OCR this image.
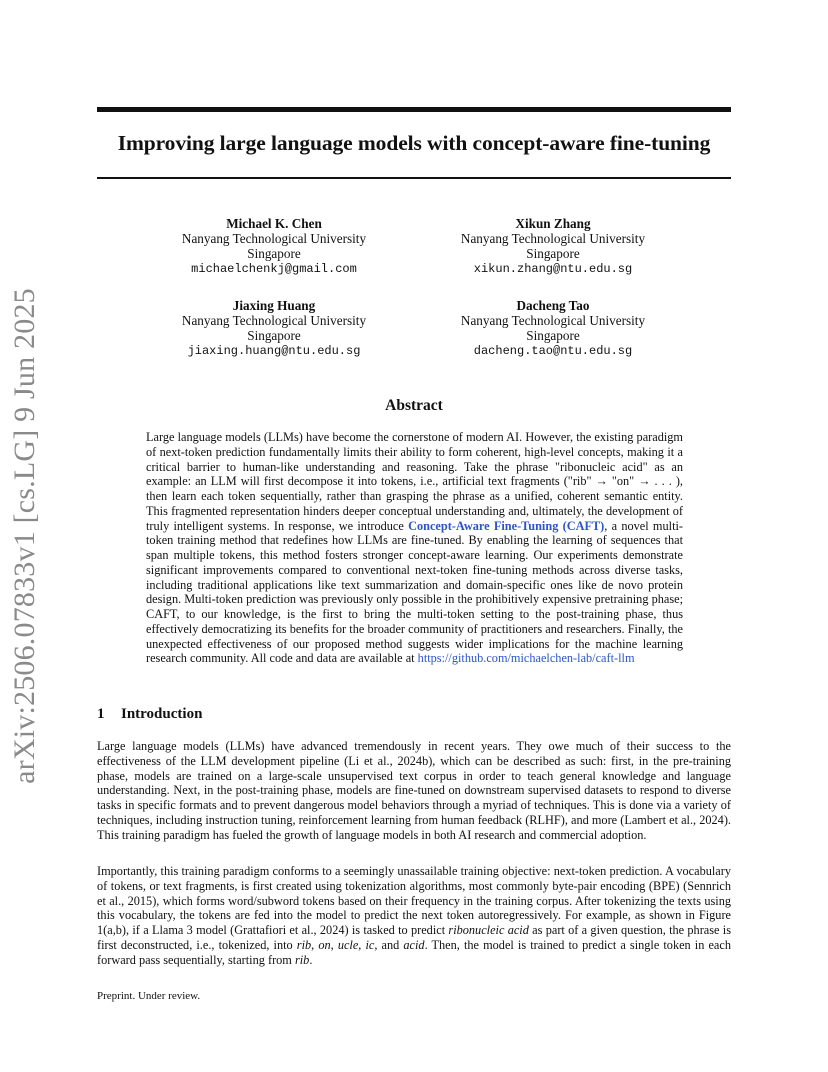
arXiv:2506.07833v1 [cs.LG] 9 Jun 2025
Improving large language models with concept-aware fine-tuning
Michael K. Chen
Nanyang Technological University
Singapore
michaelchenkj@gmail.com
Xikun Zhang
Nanyang Technological University
Singapore
xikun.zhang@ntu.edu.sg
Jiaxing Huang
Nanyang Technological University
Singapore
jiaxing.huang@ntu.edu.sg
Dacheng Tao
Nanyang Technological University
Singapore
dacheng.tao@ntu.edu.sg
Abstract
Large language models (LLMs) have become the cornerstone of modern AI. However, the existing paradigm of next-token prediction fundamentally limits their ability to form coherent, high-level concepts, making it a critical barrier to human-like understanding and reasoning. Take the phrase "ribonucleic acid" as an example: an LLM will first decompose it into tokens, i.e., artificial text fragments ("rib" → "on" → . . . ), then learn each token sequentially, rather than grasping the phrase as a unified, coherent semantic entity. This fragmented representation hinders deeper conceptual understanding and, ultimately, the development of truly intelligent systems. In response, we introduce Concept-Aware Fine-Tuning (CAFT), a novel multi-token training method that redefines how LLMs are fine-tuned. By enabling the learning of sequences that span multiple tokens, this method fosters stronger concept-aware learning. Our experiments demonstrate significant improvements compared to conventional next-token fine-tuning methods across diverse tasks, including traditional applications like text summarization and domain-specific ones like de novo protein design. Multi-token prediction was previously only possible in the prohibitively expensive pretraining phase; CAFT, to our knowledge, is the first to bring the multi-token setting to the post-training phase, thus effectively democratizing its benefits for the broader community of practitioners and researchers. Finally, the unexpected effectiveness of our proposed method suggests wider implications for the machine learning research community. All code and data are available at https://github.com/michaelchen-lab/caft-llm
1 Introduction
Large language models (LLMs) have advanced tremendously in recent years. They owe much of their success to the effectiveness of the LLM development pipeline (Li et al., 2024b), which can be described as such: first, in the pre-training phase, models are trained on a large-scale unsupervised text corpus in order to teach general knowledge and language understanding. Next, in the post-training phase, models are fine-tuned on downstream supervised datasets to respond to diverse tasks in specific formats and to prevent dangerous model behaviors through a myriad of techniques. This is done via a variety of techniques, including instruction tuning, reinforcement learning from human feedback (RLHF), and more (Lambert et al., 2024). This training paradigm has fueled the growth of language models in both AI research and commercial adoption.
Importantly, this training paradigm conforms to a seemingly unassailable training objective: next-token prediction. A vocabulary of tokens, or text fragments, is first created using tokenization algorithms, most commonly byte-pair encoding (BPE) (Sennrich et al., 2015), which forms word/subword tokens based on their frequency in the training corpus. After tokenizing the texts using this vocabulary, the tokens are fed into the model to predict the next token autoregressively. For example, as shown in Figure 1(a,b), if a Llama 3 model (Grattafiori et al., 2024) is tasked to predict ribonucleic acid as part of a given question, the phrase is first deconstructed, i.e., tokenized, into rib, on, ucle, ic, and acid. Then, the model is trained to predict a single token in each forward pass sequentially, starting from rib.
Preprint. Under review.
